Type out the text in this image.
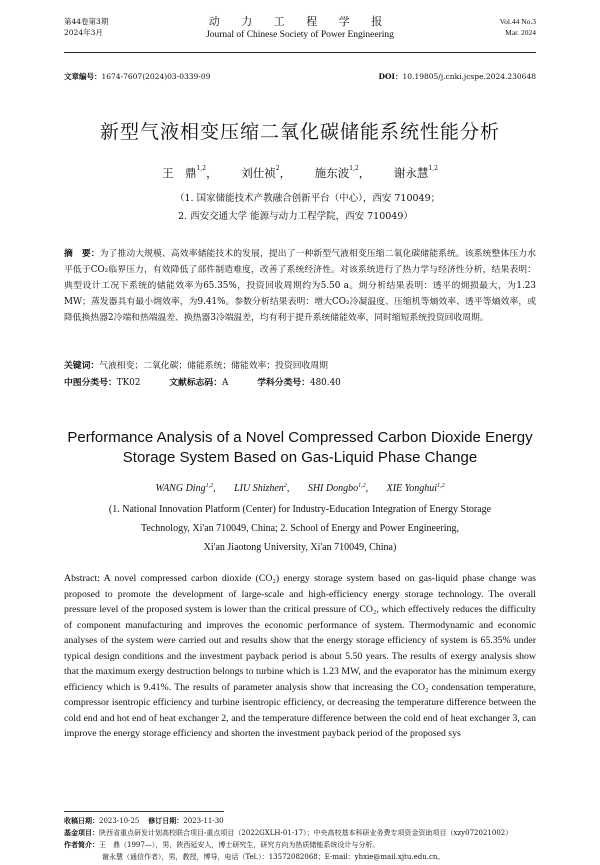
第44卷第3期
2024年3月
动 力 工 程 学 报
Journal of Chinese Society of Power Engineering
Vol.44 No.3
Mar. 2024
文章编号：1674-7607(2024)03-0339-09	DOI：10.19805/j.cnki.jcspe.2024.230648
新型气液相变压缩二氧化碳储能系统性能分析
王　鼎$^{1,2}$， 刘仕祯$^2$， 施东波$^{1,2}$， 谢永慧$^{1,2}$
（1. 国家储能技术产教融合创新平台（中心），西安 710049；
2. 西安交通大学 能源与动力工程学院，西安 710049）
摘　要：为了推动大规模、高效率储能技术的发展，提出了一种新型气液相变压缩二氧化碳储能系统。该系统整体压力水平低于CO₂临界压力，有效降低了部件制造难度，改善了系统经济性。对该系统进行了热力学与经济性分析，结果表明：典型设计工况下系统的储能效率为65.35%，投资回收周期约为5.50 a。㶲分析结果表明：透平的㶲损最大，为1.23 MW；蒸发器具有最小㶲效率，为9.41%。参数分析结果表明：增大CO₂冷凝温度、压缩机等熵效率、透平等熵效率，或降低换热器2冷端和热端温差、换热器3冷端温差，均有利于提升系统储能效率，同时缩短系统投资回收周期。
关键词：气液相变；二氧化碳；储能系统；储能效率；投资回收周期
中图分类号：TK02	文献标志码：A	学科分类号：480.40
Performance Analysis of a Novel Compressed Carbon Dioxide Energy
Storage System Based on Gas-Liquid Phase Change
WANG Ding$^{1,2}$, LIU Shizhen$^2$, SHI Dongbo$^{1,2}$, XIE Yonghui$^{1,2}$
(1. National Innovation Platform (Center) for Industry-Education Integration of Energy Storage
Technology, Xi'an 710049, China; 2. School of Energy and Power Engineering,
Xi'an Jiaotong University, Xi'an 710049, China)
Abstract: A novel compressed carbon dioxide (CO₂) energy storage system based on gas-liquid phase change was proposed to promote the development of large-scale and high-efficiency energy storage technology. The overall pressure level of the proposed system is lower than the critical pressure of CO₂, which effectively reduces the difficulty of component manufacturing and improves the economic performance of system. Thermodynamic and economic analyses of the system were carried out and results show that the energy storage efficiency of system is 65.35% under typical design conditions and the investment payback period is about 5.50 years. The results of exergy analysis show that the maximum exergy destruction belongs to turbine which is 1.23 MW, and the evaporator has the minimum exergy efficiency which is 9.41%. The results of parameter analysis show that increasing the CO₂ condensation temperature, compressor isentropic efficiency and turbine isentropic efficiency, or decreasing the temperature difference between the cold end and hot end of heat exchanger 2, and the temperature difference between the cold end of heat exchanger 3, can improve the energy storage efficiency and shorten the investment payback period of the proposed sys
收稿日期：2023-10-25 修订日期：2023-11-30
基金项目：陕西省重点研发计划高校联合项目-重点项目（2022GXLH-01-17）；中央高校基本科研业务费专项资金资助项目（xzy072021002）
作者简介：王　鼎（1997—），男，陕西延安人，博士研究生，研究方向为热质储能系统设计与分析。
谢永慧（通信作者），男，教授，博导，电话（Tel.）：13572082068；E-mail：yhxie@mail.xjtu.edu.cn。
